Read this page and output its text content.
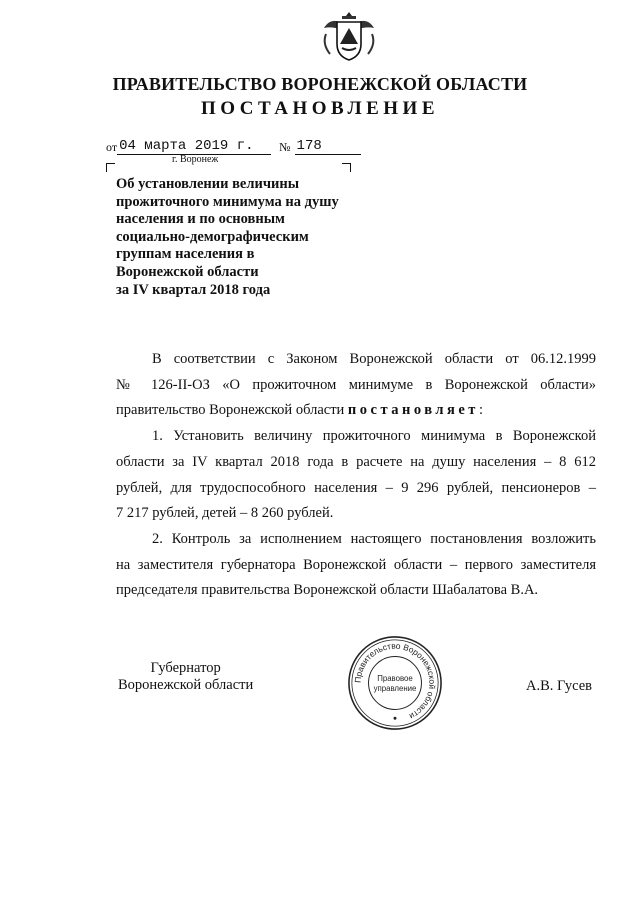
ПРАВИТЕЛЬСТВО ВОРОНЕЖСКОЙ ОБЛАСТИ
ПОСТАНОВЛЕНИЕ
от 04 марта 2019 г.	№ 178
г. Воронеж
Об установлении величины
прожиточного минимума на душу
населения и по основным
социально-демографическим
группам населения в
Воронежской области
за IV квартал 2018 года
В соответствии с Законом Воронежской области от 06.12.1999
№ 126-II-ОЗ «О прожиточном минимуме в Воронежской области»
правительство Воронежской области постановляет:
1. Установить величину прожиточного минимума в Воронежской
области за IV квартал 2018 года в расчете на душу населения – 8 612
рублей, для трудоспособного населения – 9 296 рублей, пенсионеров –
7 217 рублей, детей – 8 260 рублей.
2. Контроль за исполнением настоящего постановления возложить
на заместителя губернатора Воронежской области – первого заместителя
председателя правительства Воронежской области Шабалатова В.А.
Губернатор
Воронежской области	А.В. Гусев
Правительство Воронежской области
Правовое
управление
